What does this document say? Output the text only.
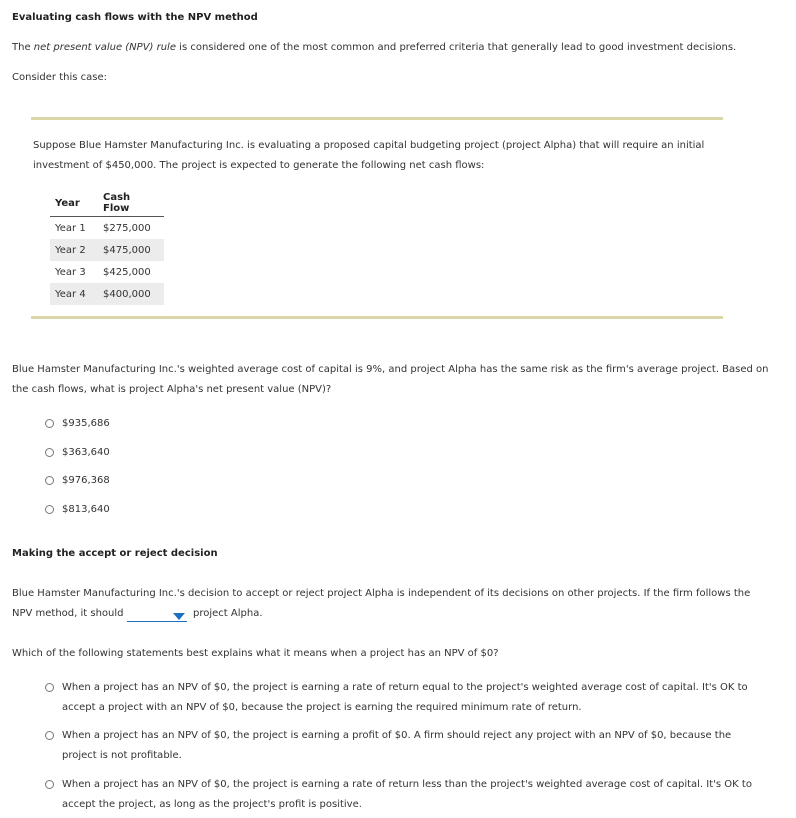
Evaluating cash flows with the NPV method
The net present value (NPV) rule is considered one of the most common and preferred criteria that generally lead to good investment decisions.
Consider this case:
Suppose Blue Hamster Manufacturing Inc. is evaluating a proposed capital budgeting project (project Alpha) that will require an initial
investment of $450,000. The project is expected to generate the following net cash flows:
Year	Cash Flow
Year 1	$275,000
Year 2	$475,000
Year 3	$425,000
Year 4	$400,000
Blue Hamster Manufacturing Inc.'s weighted average cost of capital is 9%, and project Alpha has the same risk as the firm's average project. Based on
the cash flows, what is project Alpha's net present value (NPV)?
$935,686
$363,640
$976,368
$813,640
Making the accept or reject decision
Blue Hamster Manufacturing Inc.'s decision to accept or reject project Alpha is independent of its decisions on other projects. If the firm follows the
NPV method, it should	project Alpha.
Which of the following statements best explains what it means when a project has an NPV of $0?
When a project has an NPV of $0, the project is earning a rate of return equal to the project's weighted average cost of capital. It's OK to
accept a project with an NPV of $0, because the project is earning the required minimum rate of return.
When a project has an NPV of $0, the project is earning a profit of $0. A firm should reject any project with an NPV of $0, because the
project is not profitable.
When a project has an NPV of $0, the project is earning a rate of return less than the project's weighted average cost of capital. It's OK to
accept the project, as long as the project's profit is positive.
